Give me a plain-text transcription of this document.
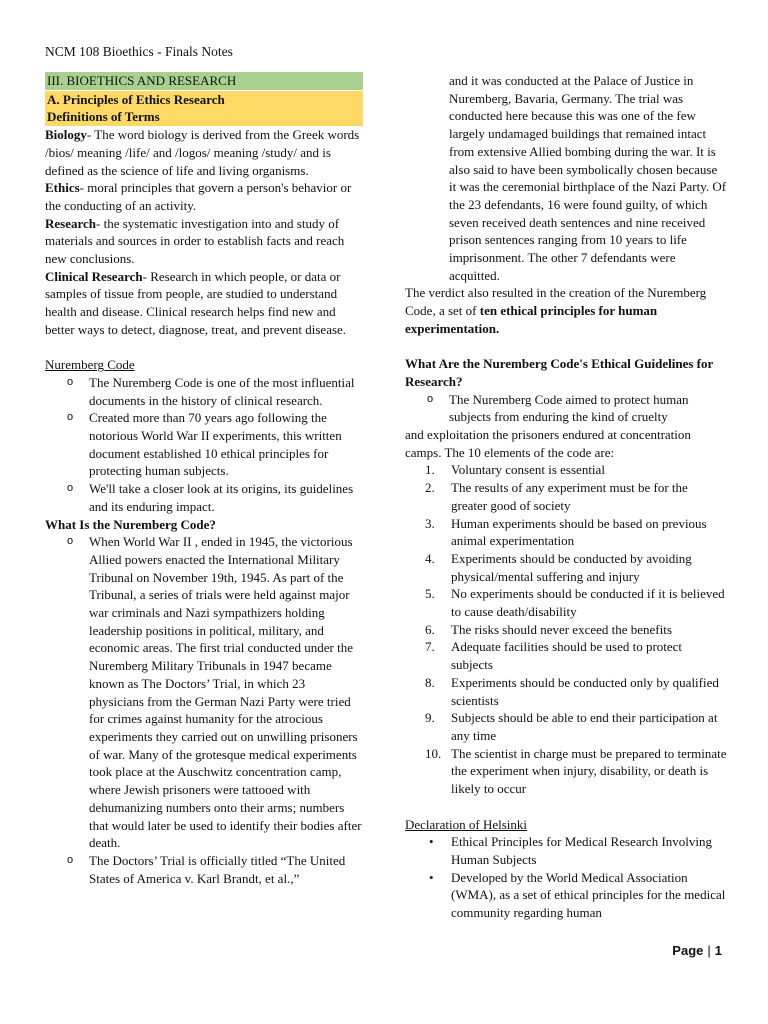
NCM 108 Bioethics - Finals Notes

III. BIOETHICS AND RESEARCH

A. Principles of Ethics Research

Definitions of Terms

Biology- The word biology is derived from the Greek words /bios/ meaning /life/ and /logos/ meaning /study/ and is defined as the science of life and living organisms.

Ethics- moral principles that govern a person's behavior or the conducting of an activity.

Research- the systematic investigation into and study of materials and sources in order to establish facts and reach new conclusions.

Clinical Research- Research in which people, or data or samples of tissue from people, are studied to understand health and disease. Clinical research helps find new and better ways to detect, diagnose, treat, and prevent disease.

Nuremberg Code

o The Nuremberg Code is one of the most influential documents in the history of clinical research.
o Created more than 70 years ago following the notorious World War II experiments, this written document established 10 ethical principles for protecting human subjects.
o We'll take a closer look at its origins, its guidelines and its enduring impact.

What Is the Nuremberg Code?

o When World War II , ended in 1945, the victorious Allied powers enacted the International Military Tribunal on November 19th, 1945. As part of the Tribunal, a series of trials were held against major war criminals and Nazi sympathizers holding leadership positions in political, military, and economic areas. The first trial conducted under the Nuremberg Military Tribunals in 1947 became known as The Doctors’ Trial, in which 23 physicians from the German Nazi Party were tried for crimes against humanity for the atrocious experiments they carried out on unwilling prisoners of war. Many of the grotesque medical experiments took place at the Auschwitz concentration camp, where Jewish prisoners were tattooed with dehumanizing numbers onto their arms; numbers that would later be used to identify their bodies after death.
o The Doctors’ Trial is officially titled “The United States of America v. Karl Brandt, et al.,”

and it was conducted at the Palace of Justice in Nuremberg, Bavaria, Germany. The trial was conducted here because this was one of the few largely undamaged buildings that remained intact from extensive Allied bombing during the war. It is also said to have been symbolically chosen because it was the ceremonial birthplace of the Nazi Party. Of the 23 defendants, 16 were found guilty, of which seven received death sentences and nine received prison sentences ranging from 10 years to life imprisonment. The other 7 defendants were acquitted.

The verdict also resulted in the creation of the Nuremberg Code, a set of ten ethical principles for human experimentation.

What Are the Nuremberg Code's Ethical Guidelines for Research?

o The Nuremberg Code aimed to protect human subjects from enduring the kind of cruelty

and exploitation the prisoners endured at concentration camps. The 10 elements of the code are:

1. Voluntary consent is essential
2. The results of any experiment must be for the greater good of society
3. Human experiments should be based on previous animal experimentation
4. Experiments should be conducted by avoiding physical/mental suffering and injury
5. No experiments should be conducted if it is believed to cause death/disability
6. The risks should never exceed the benefits
7. Adequate facilities should be used to protect subjects
8. Experiments should be conducted only by qualified scientists
9. Subjects should be able to end their participation at any time
10. The scientist in charge must be prepared to terminate the experiment when injury, disability, or death is likely to occur

Declaration of Helsinki

• Ethical Principles for Medical Research Involving Human Subjects
• Developed by the World Medical Association (WMA), as a set of ethical principles for the medical community regarding human
Page | 1
